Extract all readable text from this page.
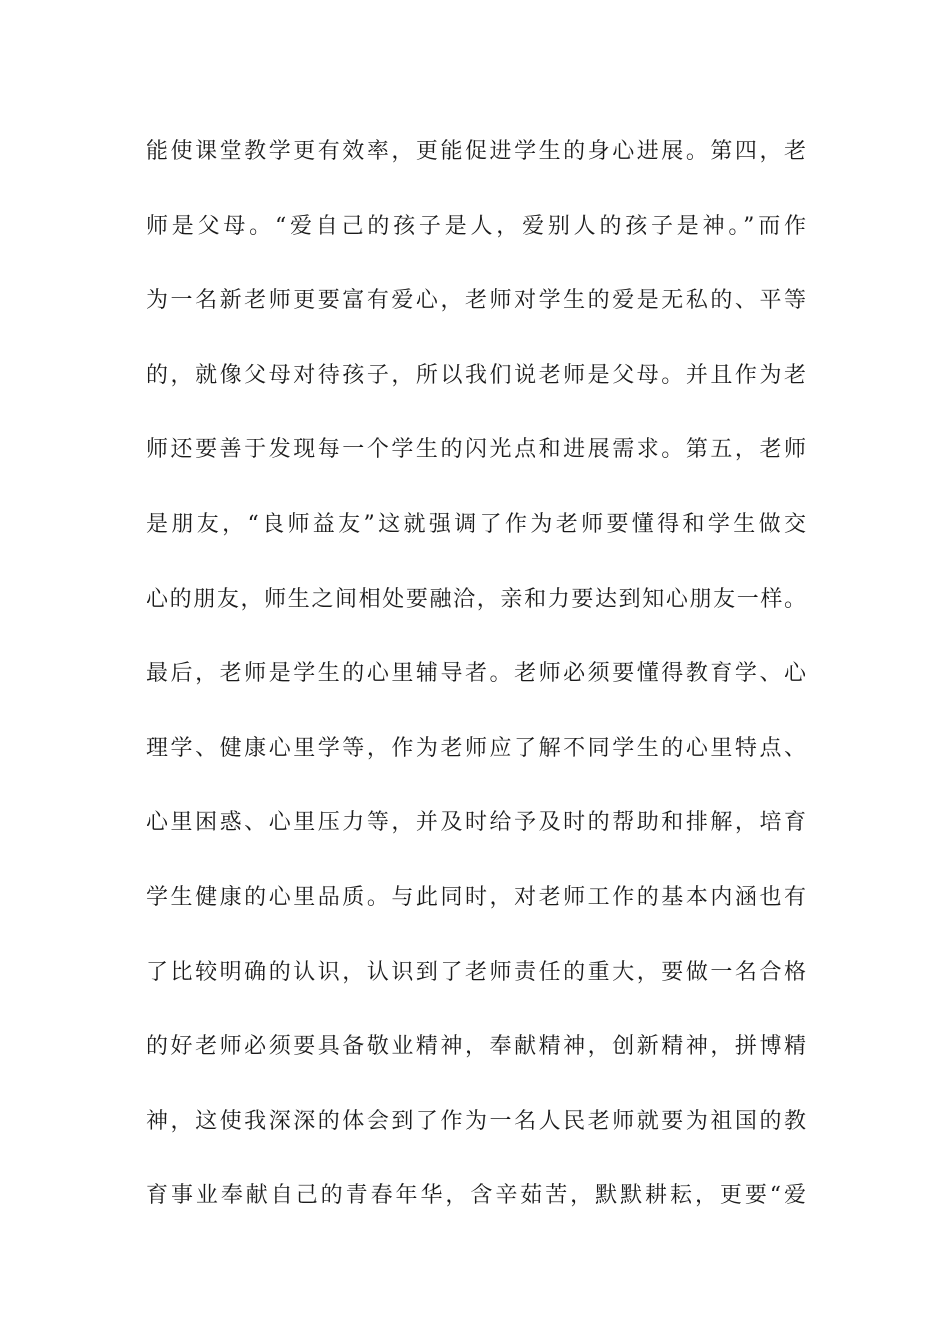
能使课堂教学更有效率，更能促进学生的身心进展。第四，老
师是父母。“爱自己的孩子是人，爱别人的孩子是神。”而作
为一名新老师更要富有爱心，老师对学生的爱是无私的、平等
的，就像父母对待孩子，所以我们说老师是父母。并且作为老
师还要善于发现每一个学生的闪光点和进展需求。第五，老师
是朋友，“良师益友”这就强调了作为老师要懂得和学生做交
心的朋友，师生之间相处要融洽，亲和力要达到知心朋友一样。
最后，老师是学生的心里辅导者。老师必须要懂得教育学、心
理学、健康心里学等，作为老师应了解不同学生的心里特点、
心里困惑、心里压力等，并及时给予及时的帮助和排解，培育
学生健康的心里品质。与此同时，对老师工作的基本内涵也有
了比较明确的认识，认识到了老师责任的重大，要做一名合格
的好老师必须要具备敬业精神，奉献精神，创新精神，拼博精
神，这使我深深的体会到了作为一名人民老师就要为祖国的教
育事业奉献自己的青春年华，含辛茹苦，默默耕耘，更要“爱
